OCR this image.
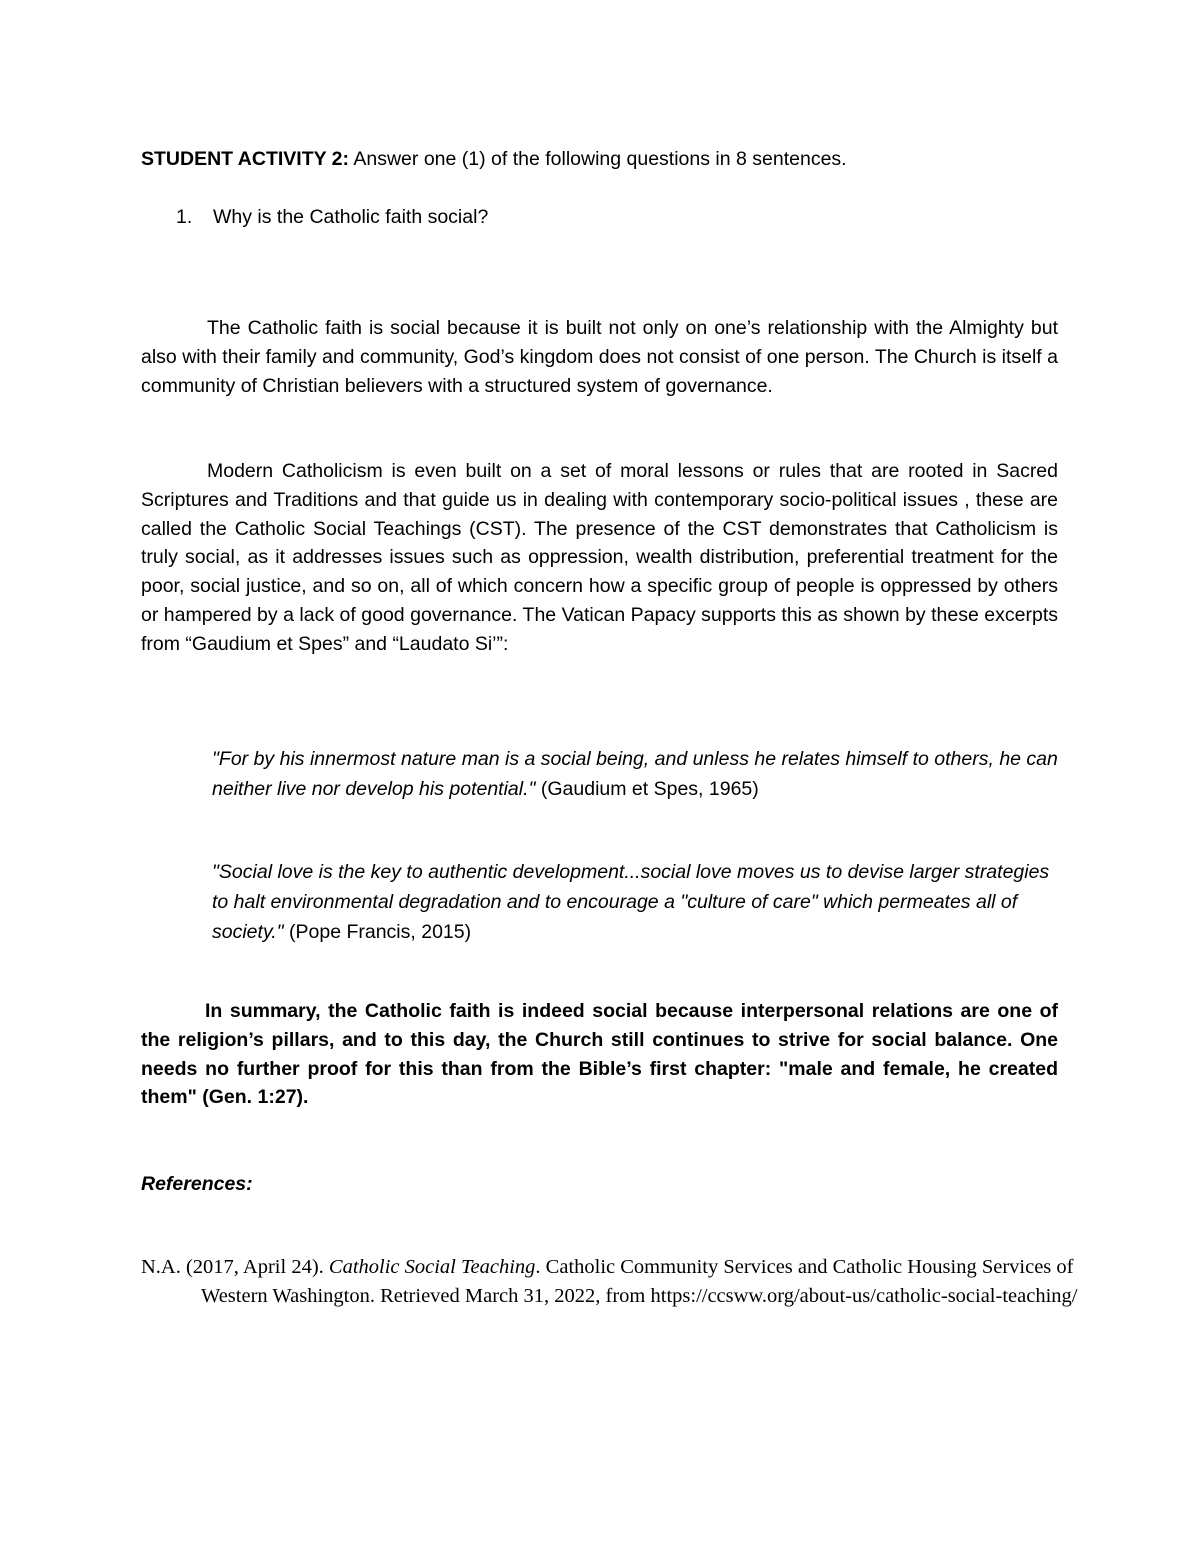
STUDENT ACTIVITY 2: Answer one (1) of the following questions in 8 sentences.
1. Why is the Catholic faith social?

The Catholic faith is social because it is built not only on one’s relationship with the Almighty but also with their family and community, God’s kingdom does not consist of one person. The Church is itself a community of Christian believers with a structured system of governance.

Modern Catholicism is even built on a set of moral lessons or rules that are rooted in Sacred Scriptures and Traditions and that guide us in dealing with contemporary socio-political issues , these are called the Catholic Social Teachings (CST). The presence of the CST demonstrates that Catholicism is truly social, as it addresses issues such as oppression, wealth distribution, preferential treatment for the poor, social justice, and so on, all of which concern how a specific group of people is oppressed by others or hampered by a lack of good governance. The Vatican Papacy supports this as shown by these excerpts from “Gaudium et Spes” and “Laudato Si’”:

"For by his innermost nature man is a social being, and unless he relates himself to others, he can neither live nor develop his potential." (Gaudium et Spes, 1965)

"Social love is the key to authentic development...social love moves us to devise larger strategies to halt environmental degradation and to encourage a "culture of care" which permeates all of society." (Pope Francis, 2015)

In summary, the Catholic faith is indeed social because interpersonal relations are one of the religion’s pillars, and to this day, the Church still continues to strive for social balance. One needs no further proof for this than from the Bible’s first chapter: "male and female, he created them" (Gen. 1:27).

References:

N.A. (2017, April 24). Catholic Social Teaching. Catholic Community Services and Catholic Housing Services of Western Washington. Retrieved March 31, 2022, from https://ccsww.org/about-us/catholic-social-teaching/
